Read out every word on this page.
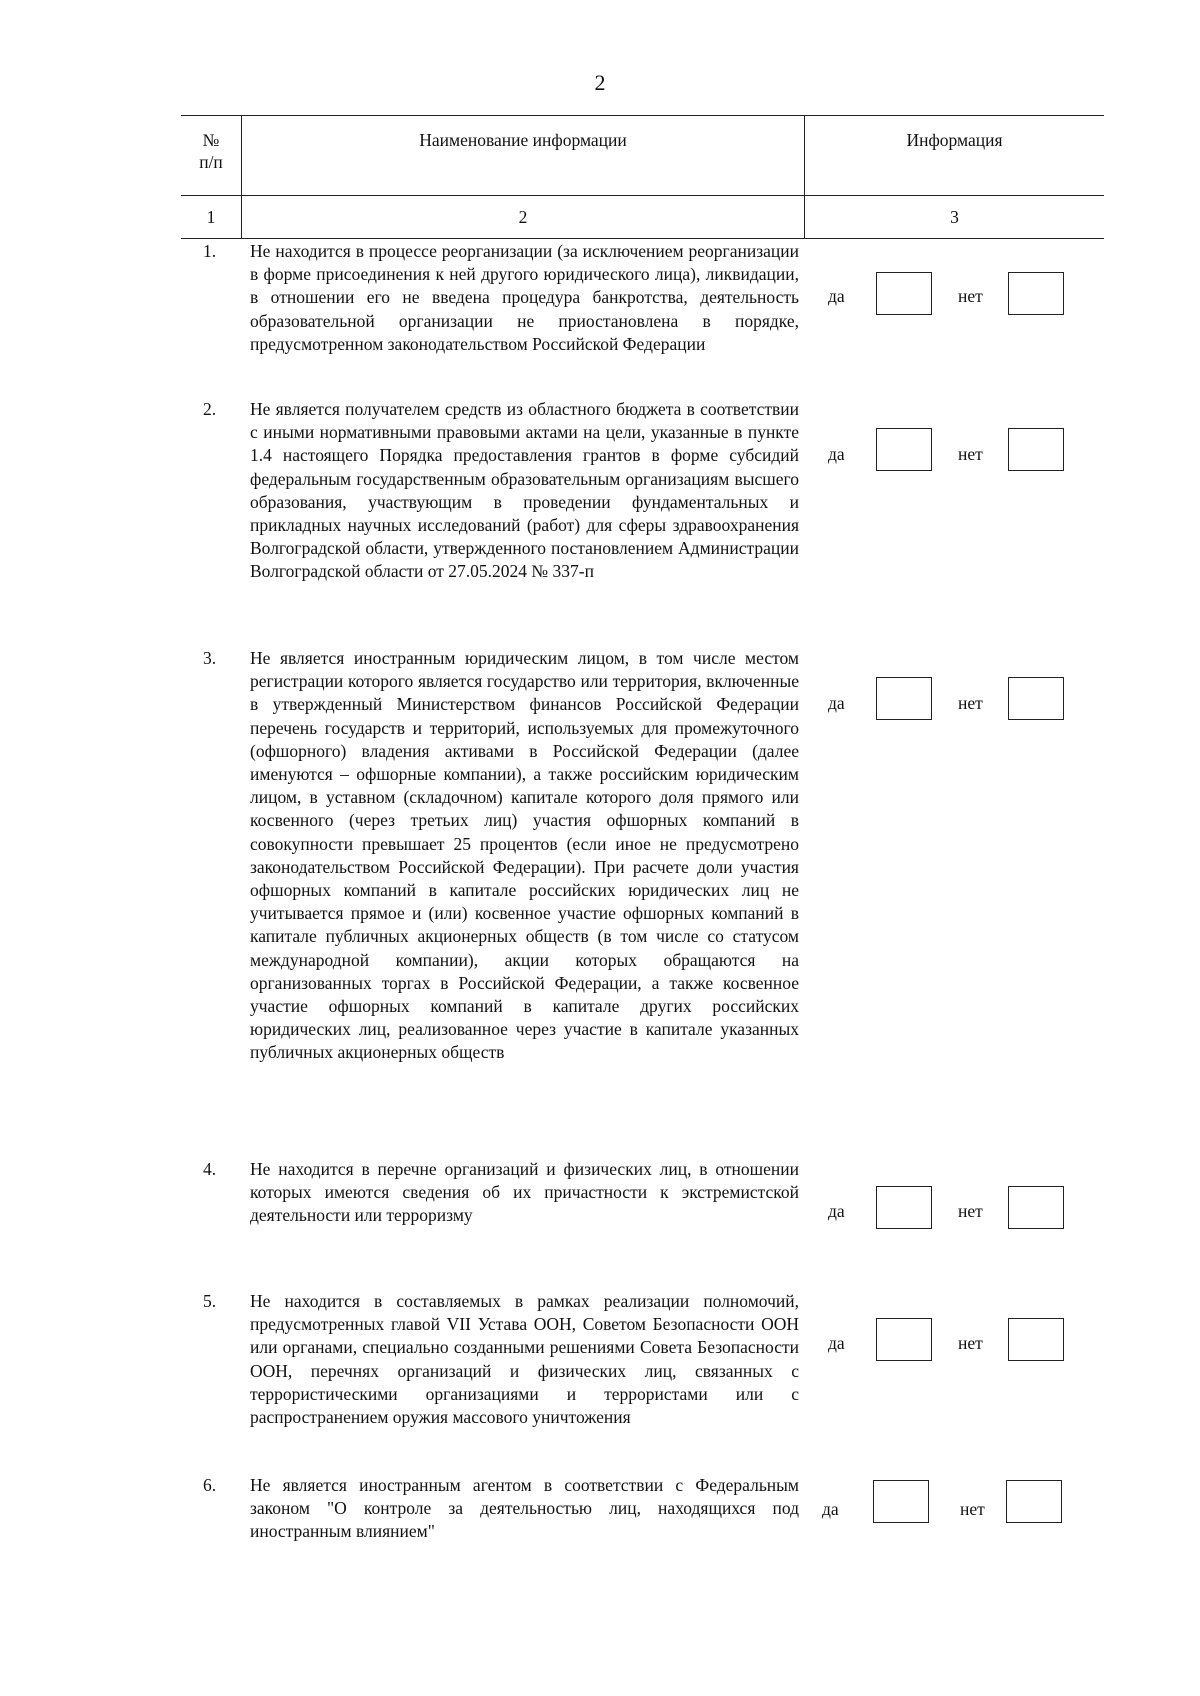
2
№
п/п	Наименование информации	Информация
1	2	3
1. Не находится в процессе реорганизации (за исключением реорганизации в форме присоединения к ней другого юридического лица), ликвидации, в отношении его не введена процедура банкротства, деятельность образовательной организации не приостановлена в порядке, предусмотренном законодательством Российской Федерации
да	нет
2. Не является получателем средств из областного бюджета в соответствии с иными нормативными правовыми актами на цели, указанные в пункте 1.4 настоящего Порядка предоставления грантов в форме субсидий федеральным государственным образовательным организациям высшего образования, участвующим в проведении фундаментальных и прикладных научных исследований (работ) для сферы здравоохранения Волгоградской области, утвержденного постановлением Администрации Волгоградской области от 27.05.2024 № 337-п
да	нет
3. Не является иностранным юридическим лицом, в том числе местом регистрации которого является государство или территория, включенные в утвержденный Министерством финансов Российской Федерации перечень государств и территорий, используемых для промежуточного (офшорного) владения активами в Российской Федерации (далее именуются – офшорные компании), а также российским юридическим лицом, в уставном (складочном) капитале которого доля прямого или косвенного (через третьих лиц) участия офшорных компаний в совокупности превышает 25 процентов (если иное не предусмотрено законодательством Российской Федерации). При расчете доли участия офшорных компаний в капитале российских юридических лиц не учитывается прямое и (или) косвенное участие офшорных компаний в капитале публичных акционерных обществ (в том числе со статусом международной компании), акции которых обращаются на организованных торгах в Российской Федерации, а также косвенное участие офшорных компаний в капитале других российских юридических лиц, реализованное через участие в капитале указанных публичных акционерных обществ
да	нет
4. Не находится в перечне организаций и физических лиц, в отношении которых имеются сведения об их причастности к экстремистской деятельности или терроризму	да	нет
5. Не находится в составляемых в рамках реализации полномочий, предусмотренных главой VII Устава ООН, Советом Безопасности ООН или органами, специально созданными решениями Совета Безопасности ООН, перечнях организаций и физических лиц, связанных с террористическими организациями и террористами или с распространением оружия массового уничтожения
да	нет
6. Не является иностранным агентом в соответствии с Федеральным законом "О контроле за деятельностью лиц, находящихся под иностранным влиянием"
да	нет
